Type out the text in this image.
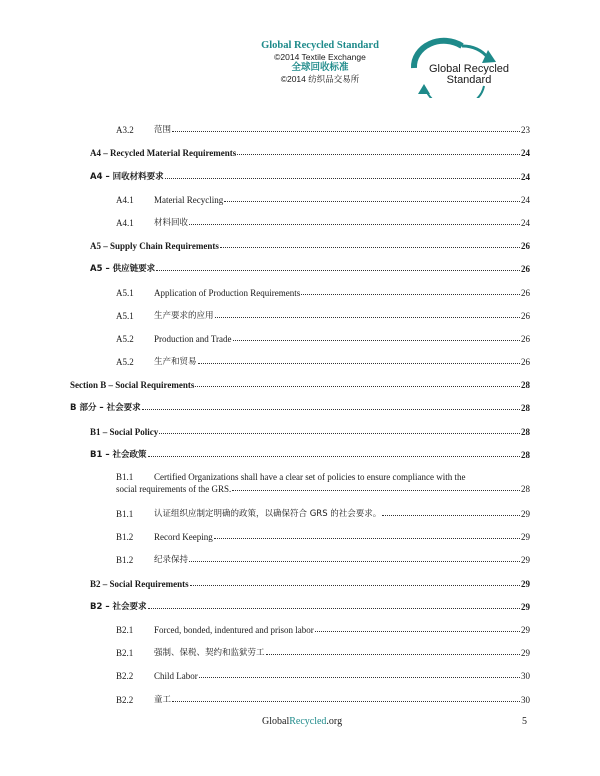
Global Recycled Standard
©2014 Textile Exchange
全球回收标准
©2014 纺织品交易所
Global Recycled
Standard
A3.2	范围	23
A4 – Recycled Material Requirements	24
A4 – 回收材料要求	24
A4.1	Material Recycling	24
A4.1	材料回收	24
A5 – Supply Chain Requirements	26
A5 – 供应链要求	26
A5.1	Application of Production Requirements	26
A5.1	生产要求的应用	26
A5.2	Production and Trade	26
A5.2	生产和贸易	26
Section B – Social Requirements	28
B 部分 – 社会要求	28
B1 – Social Policy	28
B1 – 社会政策	28
B1.1	Certified Organizations shall have a clear set of policies to ensure compliance with the
social requirements of the GRS.	28
B1.1	认证组织应制定明确的政策，以确保符合 GRS 的社会要求。	29
B1.2	Record Keeping	29
B1.2	纪录保持	29
B2 – Social Requirements	29
B2 – 社会要求	29
B2.1	Forced, bonded, indentured and prison labor	29
B2.1	强制、保税、契约和监狱劳工	29
B2.2	Child Labor	30
B2.2	童工	30
GlobalRecycled.org	5
